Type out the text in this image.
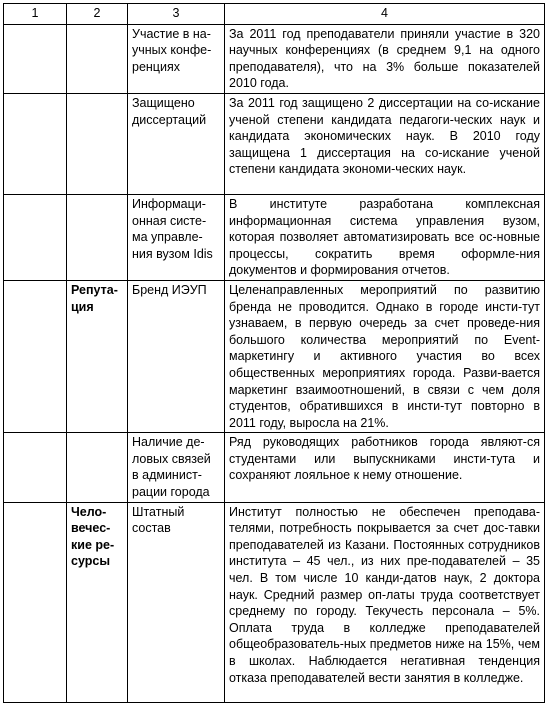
1	2	3	4
		Участие в на-учных конфе-ренциях	За 2011 год преподаватели приняли участие в 320 научных конференциях (в среднем 9,1 на одного преподавателя), что на 3% больше показателей 2010 года.

		Защищено диссертаций	За 2011 год защищено 2 диссертации на со-искание ученой степени кандидата педагоги-ческих наук и кандидата экономических наук. В 2010 году защищена 1 диссертация на со-искание ученой степени кандидата экономи-ческих наук.

		Информаци-онная систе-ма управле-ния вузом Idis	В институте разработана комплексная информационная система управления вузом, которая позволяет автоматизировать все ос-новные процессы, сократить время оформле-ния документов и формирования отчетов.

	Репута-ция	Бренд ИЭУП	Целенаправленных мероприятий по развитию бренда не проводится. Однако в городе инсти-тут узнаваем, в первую очередь за счет проведе-ния большого количества мероприятий по Event-маркетингу и активного участия во всех общественных мероприятиях города. Разви-вается маркетинг взаимоотношений, в связи с чем доля студентов, обратившихся в инсти-тут повторно в 2011 году, выросла на 21%.

		Наличие де-ловых связей в админист-рации города	Ряд руководящих работников города являют-ся студентами или выпускниками инсти-тута и сохраняют лояльное к нему отношение.

	Чело-вечес-кие ре-сурсы	Штатный состав	Институт полностью не обеспечен преподава-телями, потребность покрывается за счет дос-тавки преподавателей из Казани. Постоянных сотрудников института – 45 чел., из них пре-подавателей – 35 чел. В том числе 10 канди-датов наук, 2 доктора наук. Средний размер оп-латы труда соответствует среднему по городу. Текучесть персонала – 5%. Оплата труда в колледже преподавателей общеобразователь-ных предметов ниже на 15%, чем в школах. Наблюдается негативная тенденция отказа преподавателей вести занятия в колледже.
